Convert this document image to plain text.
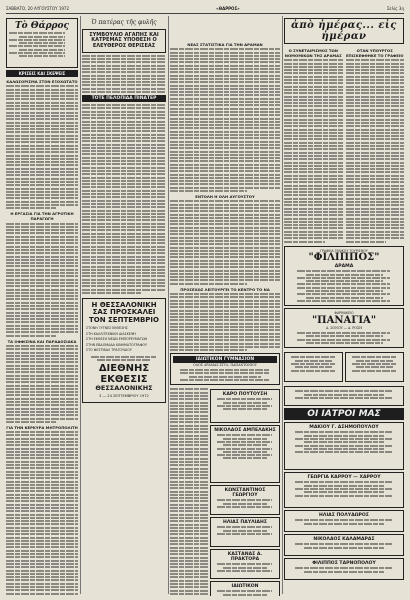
ΣΑΒΒΑΤΟ, 20 ΑΥΓΟΥΣΤΟΥ 1972	«ΘΑΡΡΟΣ»	Σελίς 3η
Τὸ Θάρρος
ΚΡΙΣΕΙΣ ΚΑΙ ΣΚΕΨΕΙΣ
ΚΑΛΩΣΟΡΙΣΜΑ ΣΤΟΝ ΕΞΟΧΩΤΑΤΟ
Η ΕΡΓΑΣΙΑ ΓΙΑ ΤΗΝ ΑΓΡΟΤΙΚΗ ΠΑΡΑΓΩΓΗ
ΤΑ ΟΦΦΙΣΙΝΑ ΚΑΙ ΠΑΡΑΔΟΣΙΑΚΑ
ΓΙΑ ΤΗΝ ΚΕΡΚΥΡΑ ΜΗΤΡΟΠΟΛΙΤΗ
Ὁ πατέρας τῆς φυλῆς
ΣΥΜΒΟΥΛΙΟ ΑΓΑΠΗΣ ΚΑΙ ΚΑΤΡΕΜΑΣ ΥΠΟΘΕΣΗ Ο ΕΛΕΥΘΕΡΟΣ ΘΕΡΙΣΕΑΣ
ΤΟΤΕ ΠΕΛΟΠΙΔΑ ΠΙΝΑΤΕΡ
Η ΘΕΣΣΑΛΟΝΙΚΗ
ΣΑΣ ΠΡΟΣΚΑΛΕΙ
ΤΟΝ ΣΕΠΤΕΜΒΡΙΟ
ΣΤΟΝΗ ΞΥΓΝΕΣ ΕΚΘΕΣΗΣ
ΣΤΗ ΚΑΛΛΙΤΕΧΝΙΚΗ ΔΙΑΣΚΕΨΗ
ΣΤΗ ΕΚΘΕΣΗ ΝΕΩΝ ΕΜΠΟΡΕΥΜΑΤΩΝ
ΣΤΗΝ ΕΒΔΟΜΑΔΑ ΚΙΝΗΜΑΤΟΓΡΑΦΟΥ
ΣΤΟ ΦΕΣΤΙΒΑΛ ΤΡΑΓΟΥΔΙΟΥ
ΔΙΕΘΝΗΣ
ΕΚΘΕΣΙΣ
ΘΕΣΣΑΛΟΝΙΚΗΣ
3 — 24 ΣΕΠΤΕΜΒΡΙΟΥ 1972
ΝΕΑΣ ΣΤΑΤΙΣΤΙΚΑ ΓΙΑ ΤΗΝ ΔΡΑΜΑΝ
ΕΝΤΟΛΗ Η ΟΛΗ ΑΥΓΟΥΣΤΟΥ
ΠΡΟΣΕΧΩΣ ΛΕΙΤΟΥΡΓΕΙ ΤΟ ΚΕΝΤΡΟ ΤΟ ΝΑ
ΙΔΙΩΤΙΚΟΝ ΓΥΜΝΑΣΙΟΝ
ΟΔΟΣ ΔΡΑΜΑΣ ΣΤΥΛ. ΠΑΠΑΝΤΩΝΙΟΥ
ΚΑΡΟ ΠΟΥΤΟΥΣΗ
ΝΙΚΟΛΑΟΣ ΑΜΠΕΛΑΚΗΣ
ΚΩΝΣΤΑΝΤΙΝΟΣ ΓΕΩΡΓΙΟΥ
ΗΛΙΑΣ ΠΑΥΛΙΔΗΣ
ΚΑΣΤΑΝΑΣ Α. ΠΡΑΚΤΟΡΑ
ΙΔΙΩΤΙΚΟΝ
ἀπὸ ἡμέρας... εἰς ἡμέραν
Ο ΣΥΝΕΤΑΙΡΙΣΜΟΣ ΤΩΝ ΝΟΜΟΜΙΚΩΝ ΤΗΣ ΔΡΑΜΑΣ
ΟΤΑΝ ΥΠΟΥΡΓΟΣ ΕΠΙΣΚΕΦΘΗΚΕ ΤΟ ΓΡΑΦΕΙΟ
ΓΡΑΦΕΙΑ ΓΕΝΙΚΟΥ ΤΟΥΡΙΣΜΟΥ
"ΦΙΛΙΠΠΟΣ"
ΔΡΑΜΑ
ΦΑΡΜΑΚΕΙΟ
"ΠΑΝΑΓΙΑ"
Α. ΣΟΝΟΥ — Α. ΡΟΣΗ
ΟΙ ΙΑΤΡΟΙ ΜΑΣ
ΜΑΚΙΟΥ Γ. ΑΣΗΜΟΠΟΥΛΟΥ
ΓΕΩΡΓΙΑ ΚΑΡΡΟΥ — ΧΑΡΡΟΥ
ΗΛΙΑΣ ΠΟΛΥΔΩΡΟΣ
ΝΙΚΟΛΑΟΣ ΚΑΛΑΜΑΡΑΣ
ΦΙΛΙΠΠΟΣ ΤΑΡΝΟΠΟΛΟΥ
